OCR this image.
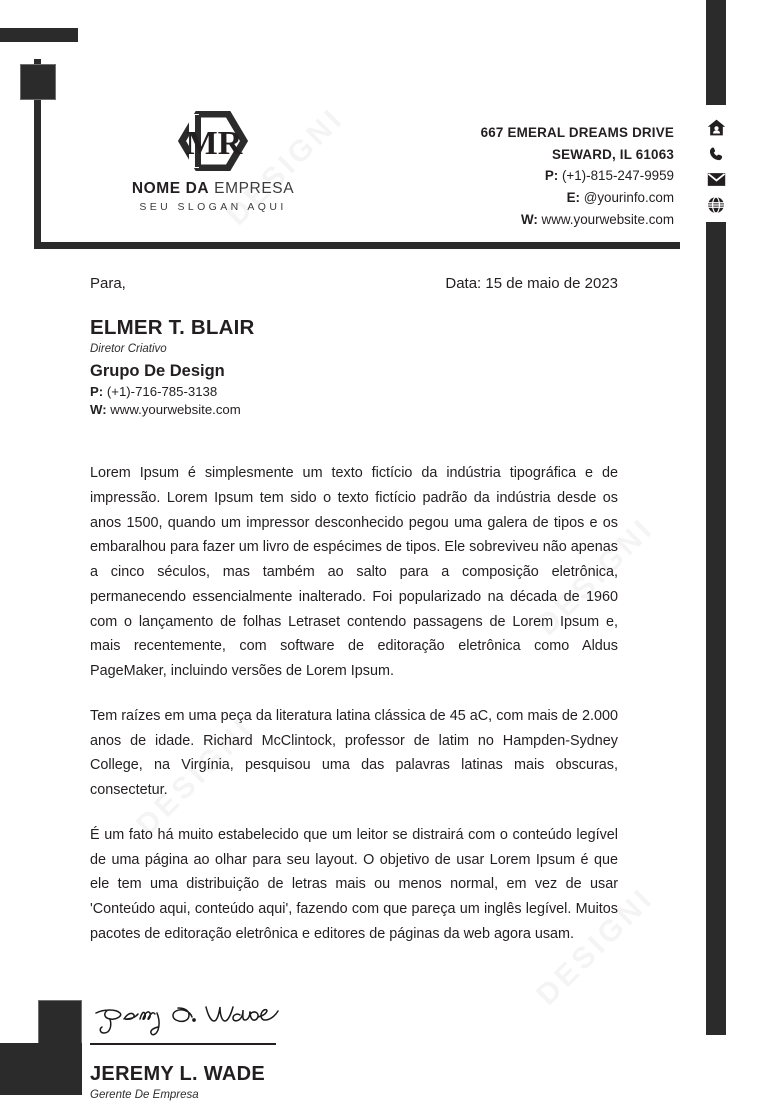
MR
NOME DA EMPRESA
SEU SLOGAN AQUI
667 EMERAL DREAMS DRIVE
SEWARD, IL 61063
P: (+1)-815-247-9959
E: @yourinfo.com
W: www.yourwebsite.com
Para,	Data: 15 de maio de 2023
ELMER T. BLAIR
Diretor Criativo
Grupo De Design
P: (+1)-716-785-3138
W: www.yourwebsite.com

Lorem Ipsum é simplesmente um texto fictício da indústria tipográfica e de impressão. Lorem Ipsum tem sido o texto fictício padrão da indústria desde os anos 1500, quando um impressor desconhecido pegou uma galera de tipos e os embaralhou para fazer um livro de espécimes de tipos. Ele sobreviveu não apenas a cinco séculos, mas também ao salto para a composição eletrônica, permanecendo essencialmente inalterado. Foi popularizado na década de 1960 com o lançamento de folhas Letraset contendo passagens de Lorem Ipsum e, mais recentemente, com software de editoração eletrônica como Aldus PageMaker, incluindo versões de Lorem Ipsum.

Tem raízes em uma peça da literatura latina clássica de 45 aC, com mais de 2.000 anos de idade. Richard McClintock, professor de latim no Hampden-Sydney College, na Virgínia, pesquisou uma das palavras latinas mais obscuras, consectetur.

É um fato há muito estabelecido que um leitor se distrairá com o conteúdo legível de uma página ao olhar para seu layout. O objetivo de usar Lorem Ipsum é que ele tem uma distribuição de letras mais ou menos normal, em vez de usar 'Conteúdo aqui, conteúdo aqui', fazendo com que pareça um inglês legível. Muitos pacotes de editoração eletrônica e editores de páginas da web agora usam.

JEREMY L. WADE
Gerente De Empresa
